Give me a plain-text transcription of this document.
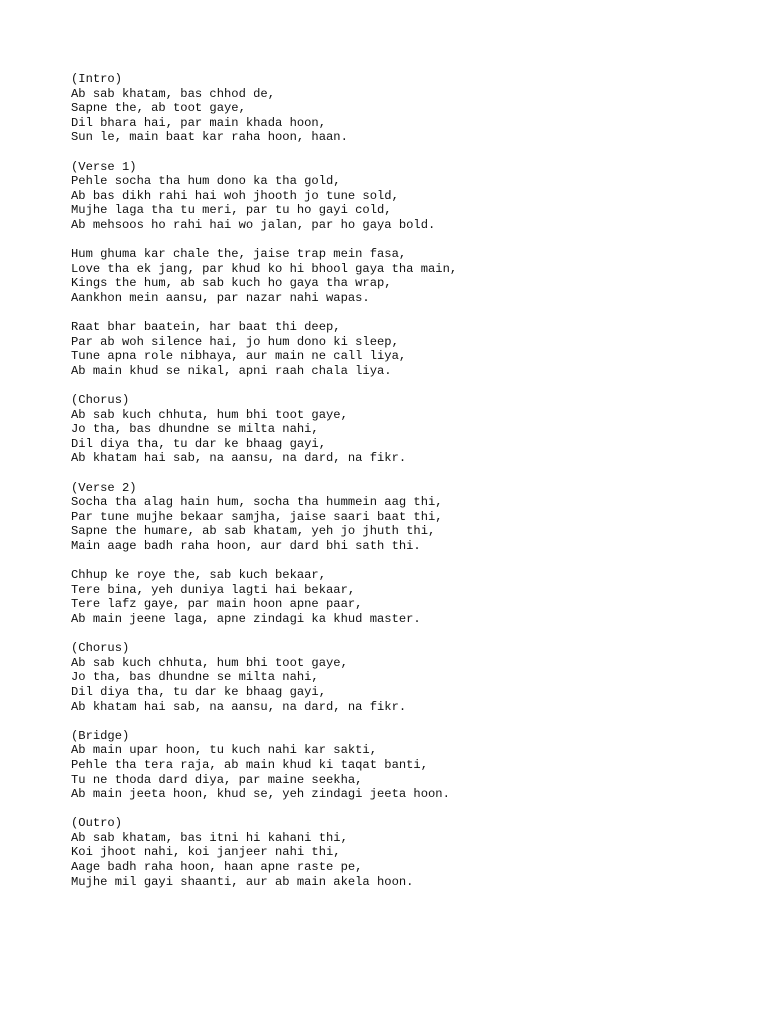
(Intro)
Ab sab khatam, bas chhod de,
Sapne the, ab toot gaye,
Dil bhara hai, par main khada hoon,
Sun le, main baat kar raha hoon, haan.
(Verse 1)
Pehle socha tha hum dono ka tha gold,
Ab bas dikh rahi hai woh jhooth jo tune sold,
Mujhe laga tha tu meri, par tu ho gayi cold,
Ab mehsoos ho rahi hai wo jalan, par ho gaya bold.
Hum ghuma kar chale the, jaise trap mein fasa,
Love tha ek jang, par khud ko hi bhool gaya tha main,
Kings the hum, ab sab kuch ho gaya tha wrap,
Aankhon mein aansu, par nazar nahi wapas.
Raat bhar baatein, har baat thi deep,
Par ab woh silence hai, jo hum dono ki sleep,
Tune apna role nibhaya, aur main ne call liya,
Ab main khud se nikal, apni raah chala liya.
(Chorus)
Ab sab kuch chhuta, hum bhi toot gaye,
Jo tha, bas dhundne se milta nahi,
Dil diya tha, tu dar ke bhaag gayi,
Ab khatam hai sab, na aansu, na dard, na fikr.
(Verse 2)
Socha tha alag hain hum, socha tha hummein aag thi,
Par tune mujhe bekaar samjha, jaise saari baat thi,
Sapne the humare, ab sab khatam, yeh jo jhuth thi,
Main aage badh raha hoon, aur dard bhi sath thi.
Chhup ke roye the, sab kuch bekaar,
Tere bina, yeh duniya lagti hai bekaar,
Tere lafz gaye, par main hoon apne paar,
Ab main jeene laga, apne zindagi ka khud master.
(Chorus)
Ab sab kuch chhuta, hum bhi toot gaye,
Jo tha, bas dhundne se milta nahi,
Dil diya tha, tu dar ke bhaag gayi,
Ab khatam hai sab, na aansu, na dard, na fikr.
(Bridge)
Ab main upar hoon, tu kuch nahi kar sakti,
Pehle tha tera raja, ab main khud ki taqat banti,
Tu ne thoda dard diya, par maine seekha,
Ab main jeeta hoon, khud se, yeh zindagi jeeta hoon.
(Outro)
Ab sab khatam, bas itni hi kahani thi,
Koi jhoot nahi, koi janjeer nahi thi,
Aage badh raha hoon, haan apne raste pe,
Mujhe mil gayi shaanti, aur ab main akela hoon.
